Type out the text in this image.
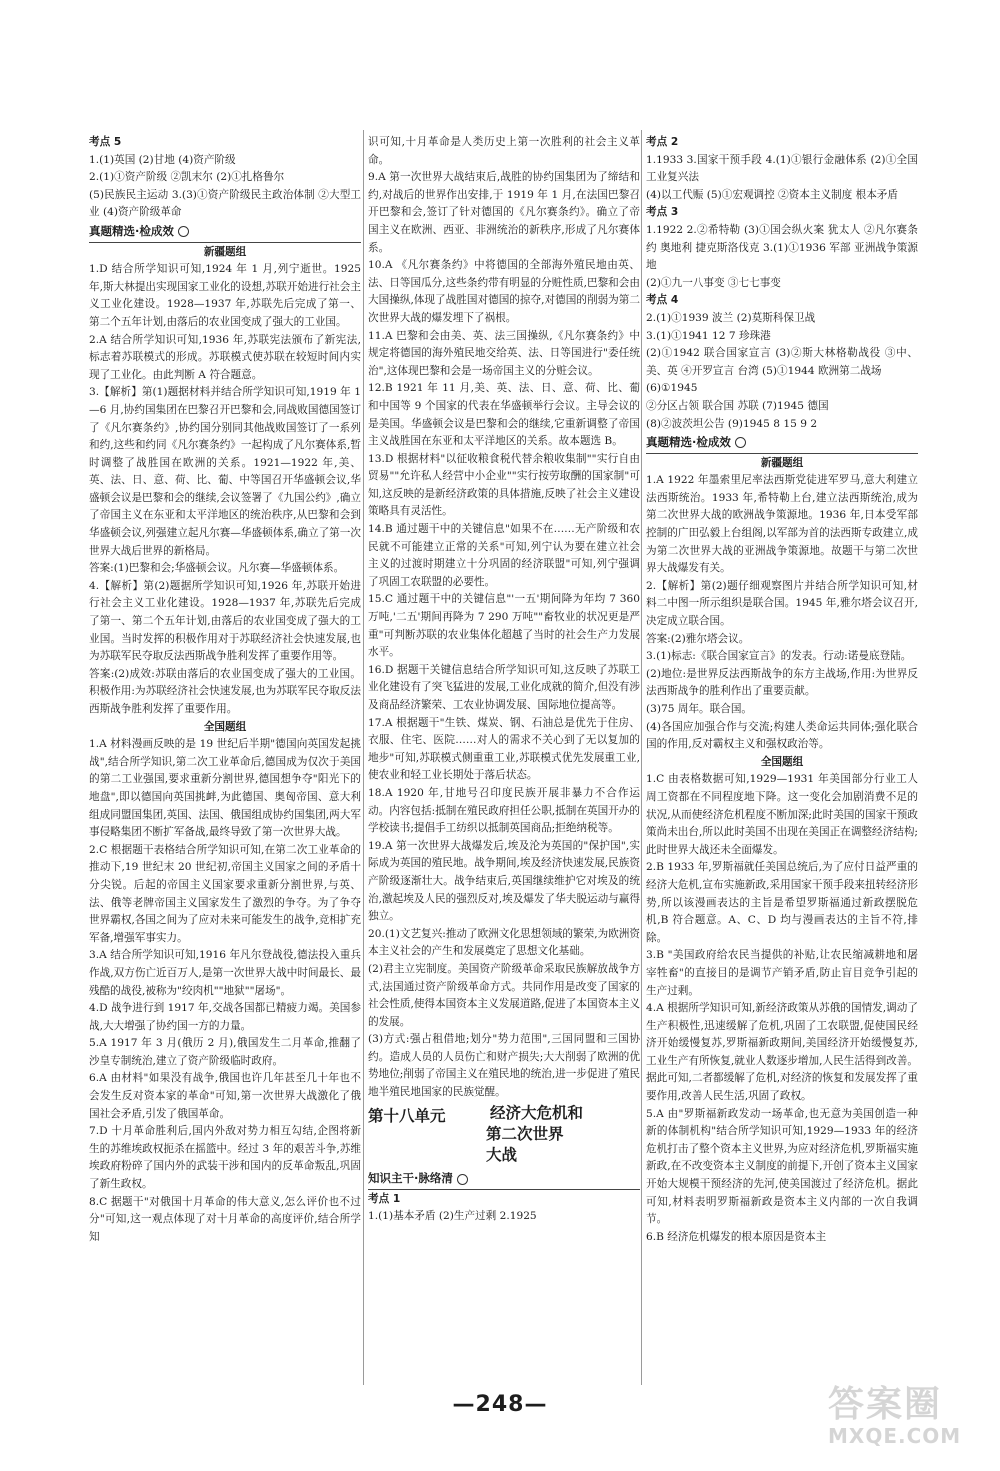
考点 5

1.(1)英国 (2)甘地 (4)资产阶级

2.(1)①资产阶级 ②凯末尔 (2)①扎格鲁尔

(5)民族民主运动 3.(3)①资产阶级民主政治体制 ②大型工业 (4)资产阶级革命

真题精选·检成效

新疆题组

1.D 结合所学知识可知,1924 年 1 月,列宁逝世。1925 年,斯大林提出实现国家工业化的设想,苏联开始进行社会主义工业化建设。1928—1937 年,苏联先后完成了第一、第二个五年计划,由落后的农业国变成了强大的工业国。

2.A 结合所学知识可知,1936 年,苏联宪法颁布了新宪法,标志着苏联模式的形成。苏联模式使苏联在较短时间内实现了工业化。由此判断 A 符合题意。

3.【解析】第(1)题据材料并结合所学知识可知,1919 年 1—6 月,协约国集团在巴黎召开巴黎和会,同战败国德国签订了《凡尔赛条约》,协约国分别同其他战败国签订了一系列和约,这些和约同《凡尔赛条约》一起构成了凡尔赛体系,暂时调整了战胜国在欧洲的关系。1921—1922 年,美、英、法、日、意、荷、比、葡、中等国召开华盛顿会议,华盛顿会议是巴黎和会的继续,会议签署了《九国公约》,确立了帝国主义在东亚和太平洋地区的统治秩序,从巴黎和会到华盛顿会议,列强建立起凡尔赛—华盛顿体系,确立了第一次世界大战后世界的新格局。

答案:(1)巴黎和会;华盛顿会议。凡尔赛—华盛顿体系。

4.【解析】第(2)题据所学知识可知,1926 年,苏联开始进行社会主义工业化建设。1928—1937 年,苏联先后完成了第一、第二个五年计划,由落后的农业国变成了强大的工业国。当时发挥的积极作用对于苏联经济社会快速发展,也为苏联军民夺取反法西斯战争胜利发挥了重要作用等。

答案:(2)成效:苏联由落后的农业国变成了强大的工业国。积极作用:为苏联经济社会快速发展,也为苏联军民夺取反法西斯战争胜利发挥了重要作用。

全国题组

1.A 材料漫画反映的是 19 世纪后半期"德国向英国发起挑战",结合所学知识,第二次工业革命后,德国成为仅次于美国的第二工业强国,要求重新分割世界,德国想争夺"阳光下的地盘",即以德国向英国挑衅,为此德国、奥匈帝国、意大利组成同盟国集团,英国、法国、俄国组成协约国集团,两大军事侵略集团不断扩军备战,最终导致了第一次世界大战。

2.C 根据题干表格结合所学知识可知,在第二次工业革命的推动下,19 世纪末 20 世纪初,帝国主义国家之间的矛盾十分尖锐。后起的帝国主义国家要求重新分割世界,与英、法、俄等老牌帝国主义国家发生了激烈的争夺。为了争夺世界霸权,各国之间为了应对未来可能发生的战争,竞相扩充军备,增强军事实力。

3.A 结合所学知识可知,1916 年凡尔登战役,德法投入重兵作战,双方伤亡近百万人,是第一次世界大战中时间最长、最残酷的战役,被称为"绞肉机""地狱""屠场"。

4.D 战争进行到 1917 年,交战各国都已精疲力竭。美国参战,大大增强了协约国一方的力量。

5.A 1917 年 3 月(俄历 2 月),俄国发生二月革命,推翻了沙皇专制统治,建立了资产阶级临时政府。

6.A 由材料"如果没有战争,俄国也许几年甚至几十年也不会发生反对资本家的革命"可知,第一次世界大战激化了俄国社会矛盾,引发了俄国革命。

7.D 十月革命胜利后,国内外敌对势力相互勾结,企图将新生的苏维埃政权扼杀在摇篮中。经过 3 年的艰苦斗争,苏维埃政府粉碎了国内外的武装干涉和国内的反革命叛乱,巩固了新生政权。

8.C 据题干"对俄国十月革命的伟大意义,怎么评价也不过分"可知,这一观点体现了对十月革命的高度评价,结合所学知

识可知,十月革命是人类历史上第一次胜利的社会主义革命。

9.A 第一次世界大战结束后,战胜的协约国集团为了缔结和约,对战后的世界作出安排,于 1919 年 1 月,在法国巴黎召开巴黎和会,签订了针对德国的《凡尔赛条约》。确立了帝国主义在欧洲、西亚、非洲统治的新秩序,形成了凡尔赛体系。

10.A 《凡尔赛条约》中将德国的全部海外殖民地由英、法、日等国瓜分,这些条约带有明显的分赃性质,巴黎和会由大国操纵,体现了战胜国对德国的掠夺,对德国的削弱为第二次世界大战的爆发埋下了祸根。

11.A 巴黎和会由美、英、法三国操纵,《凡尔赛条约》中规定将德国的海外殖民地交给英、法、日等国进行"委任统治",这体现巴黎和会是一场帝国主义的分赃会议。

12.B 1921 年 11 月,美、英、法、日、意、荷、比、葡和中国等 9 个国家的代表在华盛顿举行会议。主导会议的是美国。华盛顿会议是巴黎和会的继续,它重新调整了帝国主义战胜国在东亚和太平洋地区的关系。故本题选 B。

13.D 根据材料"以征收粮食税代替余粮收集制""实行自由贸易""允许私人经营中小企业""实行按劳取酬的国家制"可知,这反映的是新经济政策的具体措施,反映了社会主义建设策略具有灵活性。

14.B 通过题干中的关键信息"如果不在……无产阶级和农民就不可能建立正常的关系"可知,列宁认为要在建立社会主义的过渡时期建立十分巩固的经济联盟"可知,列宁强调了巩固工农联盟的必要性。

15.C 通过题干中的关键信息"'一五'期间降为年均 7 360 万吨,'二五'期间再降为 7 290 万吨""畜牧业的状况更是严重"可判断苏联的农业集体化超越了当时的社会生产力发展水平。

16.D 据题干关键信息结合所学知识可知,这反映了苏联工业化建设有了突飞猛进的发展,工业化成就的简介,但没有涉及商品经济繁荣、工农业协调发展、国际地位提高等。

17.A 根据题干"生铁、煤炭、钢、石油总是优先于住房、衣服、住宅、医院……对人的需求不关心到了无以复加的地步"可知,苏联模式侧重重工业,苏联模式优先发展重工业,使农业和轻工业长期处于落后状态。

18.A 1920 年,甘地号召印度民族开展非暴力不合作运动。内容包括:抵制在殖民政府担任公职,抵制在英国开办的学校读书;提倡手工纺织以抵制英国商品;拒绝纳税等。

19.A 第一次世界大战爆发后,埃及沦为英国的"保护国",实际成为英国的殖民地。战争期间,埃及经济快速发展,民族资产阶级逐渐壮大。战争结束后,英国继续维护它对埃及的统治,激起埃及人民的强烈反对,埃及爆发了华夫脱运动与赢得独立。

20.(1)文艺复兴:推动了欧洲文化思想领域的繁荣,为欧洲资本主义社会的产生和发展奠定了思想文化基础。

(2)君主立宪制度。美国资产阶级革命采取民族解放战争方式,法国通过资产阶级革命方式。共同作用是改变了国家的社会性质,使得本国资本主义发展道路,促进了本国资本主义的发展。

(3)方式:强占租借地;划分"势力范围",三国同盟和三国协约。造成人员的人员伤亡和财产损失;大大削弱了欧洲的优势地位;削弱了帝国主义在殖民地的统治,进一步促进了殖民地半殖民地国家的民族觉醒。

第十八单元	经济大危机和
第二次世界
大战
知识主干·脉络清

考点 1

1.(1)基本矛盾 (2)生产过剩 2.1925

考点 2

1.1933 3.国家干预手段 4.(1)①银行金融体系 (2)①全国工业复兴法

(4)以工代赈 (5)①宏观调控 ②资本主义制度 根本矛盾

考点 3

1.1922 2.②希特勒 (3)①国会纵火案 犹太人 ②凡尔赛条约 奥地利 捷克斯洛伐克 3.(1)①1936 军部 亚洲战争策源地

(2)①九一八事变 ③七七事变

考点 4

2.(1)①1939 波兰 (2)莫斯科保卫战

3.(1)①1941 12 7 珍珠港

(2)①1942 联合国家宣言 (3)②斯大林格勒战役 ③中、美、英 ④开罗宣言 台湾 (5)①1944 欧洲第二战场

(6)①1945

②分区占领 联合国 苏联 (7)1945 德国

(8)②波茨坦公告 (9)1945 8 15 9 2

真题精选·检成效

新疆题组

1.A 1922 年墨索里尼率法西斯党徒进军罗马,意大利建立法西斯统治。1933 年,希特勒上台,建立法西斯统治,成为第二次世界大战的欧洲战争策源地。1936 年,日本受军部控制的广田弘毅上台组阁,以军部为首的法西斯专政建立,成为第二次世界大战的亚洲战争策源地。故题干与第二次世界大战爆发有关。

2.【解析】第(2)题仔细观察图片并结合所学知识可知,材料二中图一所示组织是联合国。1945 年,雅尔塔会议召开,决定成立联合国。

答案:(2)雅尔塔会议。

3.(1)标志:《联合国家宣言》的发表。行动:诺曼底登陆。

(2)地位:是世界反法西斯战争的东方主战场,作用:为世界反法西斯战争的胜利作出了重要贡献。

(3)75 周年。联合国。

(4)各国应加强合作与交流;构建人类命运共同体;强化联合国的作用,反对霸权主义和强权政治等。

全国题组

1.C 由表格数据可知,1929—1931 年美国部分行业工人周工资都在不同程度地下降。这一变化会加剧消费不足的状况,从而使经济危机程度不断加深;此时美国的国家干预政策尚未出台,所以此时美国不出现在美国正在调整经济结构;此时世界大战还未全面爆发。

2.B 1933 年,罗斯福就任美国总统后,为了应付日益严重的经济大危机,宣布实施新政,采用国家干预手段来扭转经济形势,所以该漫画表达的主旨是希望罗斯福通过新政摆脱危机,B 符合题意。A、C、D 均与漫画表达的主旨不符,排除。

3.B "美国政府给农民当提供的补贴,让农民缩减耕地和屠宰牲畜"的直接目的是调节产销矛盾,防止盲目竞争引起的生产过剩。

4.A 根据所学知识可知,新经济政策从苏俄的国情发,调动了生产积极性,迅速缓解了危机,巩固了工农联盟,促使国民经济开始缓慢复苏,罗斯福新政期间,美国经济开始缓慢复苏,工业生产有所恢复,就业人数逐步增加,人民生活得到改善。据此可知,二者都缓解了危机,对经济的恢复和发展发挥了重要作用,改善人民生活,巩固了政权。

5.A 由"罗斯福新政发动一场革命,也无意为美国创造一种新的体制机构"结合所学知识可知,1929—1933 年的经济危机打击了整个资本主义世界,为应对经济危机,罗斯福实施新政,在不改变资本主义制度的前提下,开创了资本主义国家开始大规模干预经济的先河,使美国渡过了经济危机。据此可知,材料表明罗斯福新政是资本主义内部的一次自我调节。

6.B 经济危机爆发的根本原因是资本主

—248—	答案圈
MXQE.COM
